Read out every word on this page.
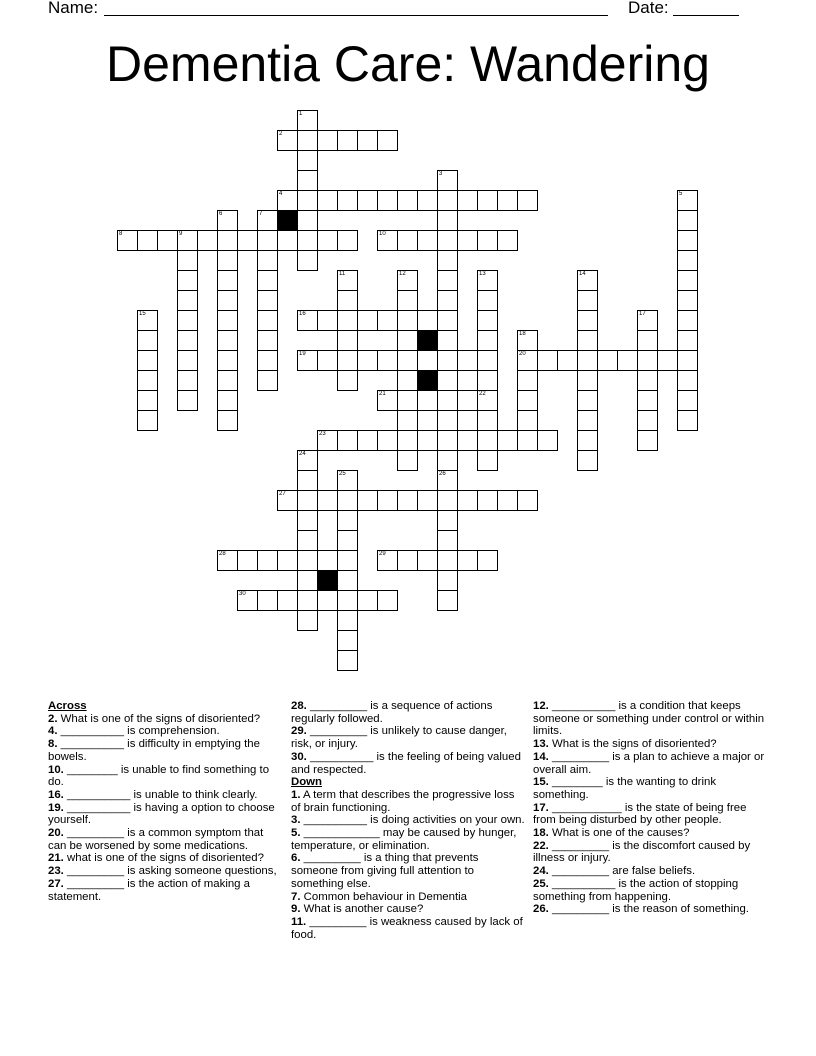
Name:	Date:
Dementia Care: Wandering
2
4
8	9	10
16
19	20
21
23
27
28	29
30
1
3
26
5
6	7
11	12	13
22
14
15	17
18
24
25
Across
2. What is one of the signs of disoriented?
4. __________ is comprehension.
8. __________ is difficulty in emptying the bowels.
10. ________ is unable to find something to do.
16. __________ is unable to think clearly.
19. __________ is having a option to choose yourself.
20. _________ is a common symptom that can be worsened by some medications.
21. what is one of the signs of disoriented?
23. _________ is asking someone questions,
27. _________ is the action of making a statement.
28. _________ is a sequence of actions regularly followed.
29. _________ is unlikely to cause danger, risk, or injury.
30. __________ is the feeling of being valued and respected.
Down
1. A term that describes the progressive loss of brain functioning.
3. __________ is doing activities on your own.
5. ____________ may be caused by hunger, temperature, or elimination.
6. _________ is a thing that prevents someone from giving full attention to something else.
7. Common behaviour in Dementia
9. What is another cause?
11. _________ is weakness caused by lack of food.
12. __________ is a condition that keeps someone or something under control or within limits.
13. What is the signs of disoriented?
14. _________ is a plan to achieve a major or overall aim.
15. ________ is the wanting to drink something.
17. ___________ is the state of being free from being disturbed by other people.
18. What is one of the causes?
22. _________ is the discomfort caused by illness or injury.
24. _________ are false beliefs.
25. __________ is the action of stopping something from happening.
26. _________ is the reason of something.
